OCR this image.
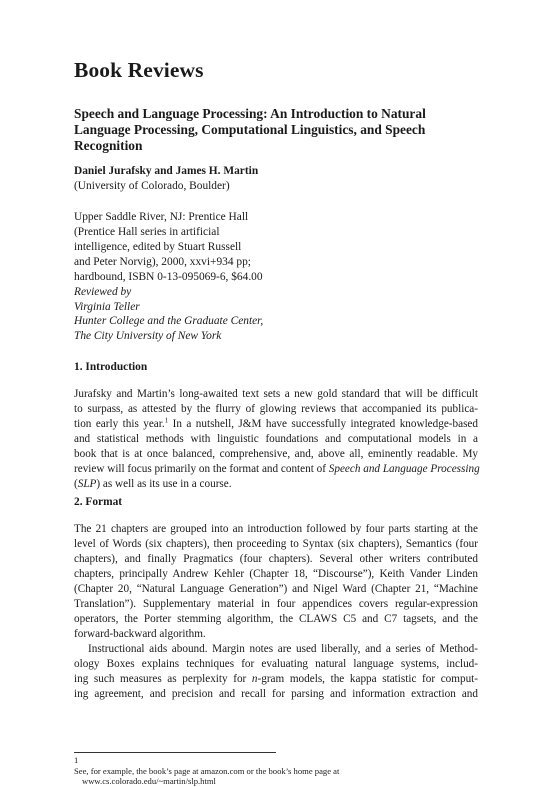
Book Reviews
Speech and Language Processing: An Introduction to Natural
Language Processing, Computational Linguistics, and Speech
Recognition
Daniel Jurafsky and James H. Martin
(University of Colorado, Boulder)
Upper Saddle River, NJ: Prentice Hall
(Prentice Hall series in artificial
intelligence, edited by Stuart Russell
and Peter Norvig), 2000, xxvi+934 pp;
hardbound, ISBN 0-13-095069-6, $64.00
Reviewed by
Virginia Teller
Hunter College and the Graduate Center,
The City University of New York
1. Introduction
Jurafsky and Martin’s long-awaited text sets a new gold standard that will be difficult
to surpass, as attested by the flurry of glowing reviews that accompanied its publica-
tion early this year.$^1$ In a nutshell, J&M have successfully integrated knowledge-based
and statistical methods with linguistic foundations and computational models in a
book that is at once balanced, comprehensive, and, above all, eminently readable. My
review will focus primarily on the format and content of Speech and Language Processing
(SLP) as well as its use in a course.
2. Format
The 21 chapters are grouped into an introduction followed by four parts starting at the
level of Words (six chapters), then proceeding to Syntax (six chapters), Semantics (four
chapters), and finally Pragmatics (four chapters). Several other writers contributed
chapters, principally Andrew Kehler (Chapter 18, “Discourse”), Keith Vander Linden
(Chapter 20, “Natural Language Generation”) and Nigel Ward (Chapter 21, “Machine
Translation”). Supplementary material in four appendices covers regular-expression
operators, the Porter stemming algorithm, the CLAWS C5 and C7 tagsets, and the
forward-backward algorithm.
Instructional aids abound. Margin notes are used liberally, and a series of Method-
ology Boxes explains techniques for evaluating natural language systems, includ-
ing such measures as perplexity for n-gram models, the kappa statistic for comput-
ing agreement, and precision and recall for parsing and information extraction and
1
See, for example, the book’s page at amazon.com or the book’s home page at
www.cs.colorado.edu/~martin/slp.html
